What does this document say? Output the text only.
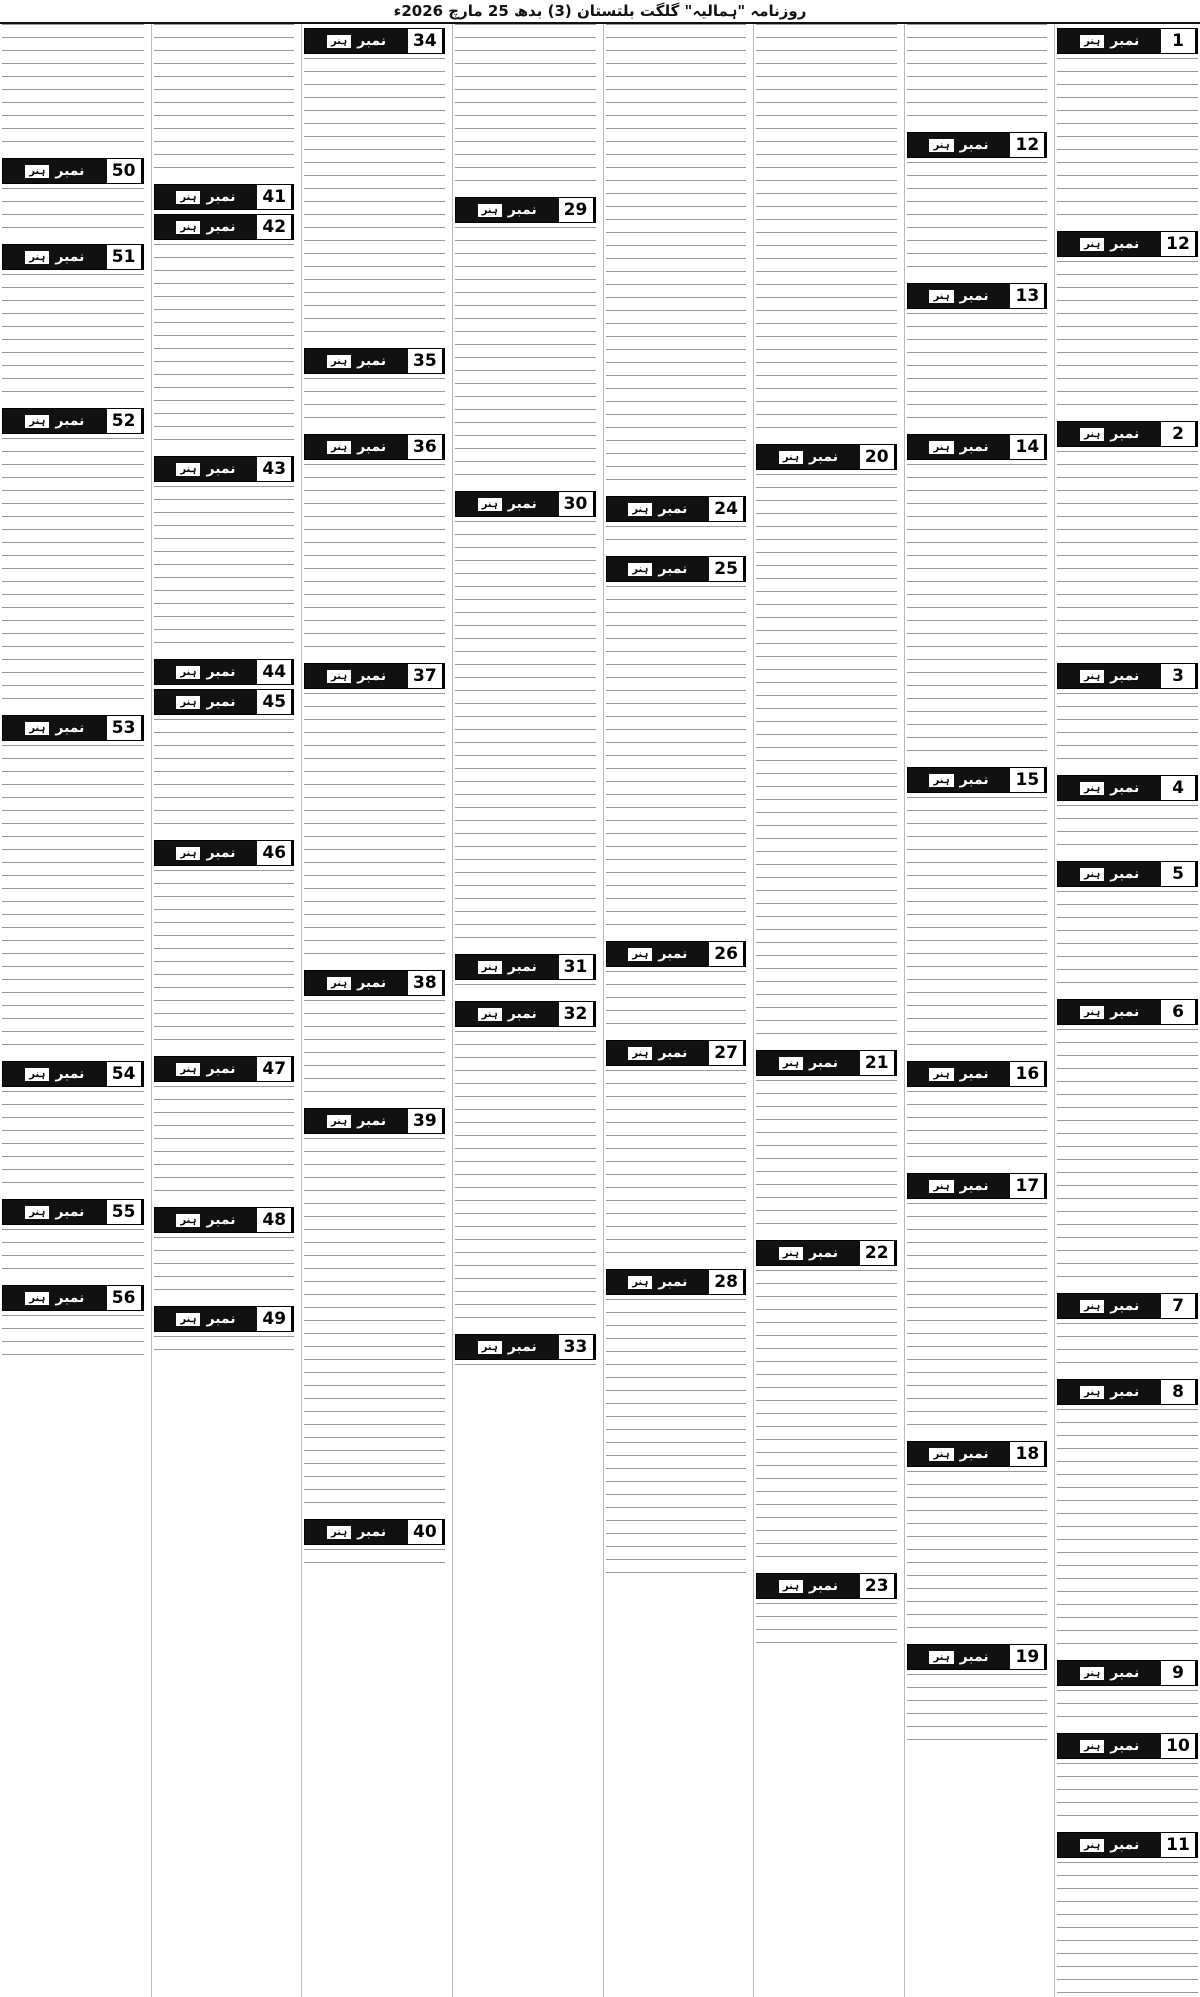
روزنامہ "ہمالیہ" گلگت بلتستان (3) بدھ 25 مارچ 2026ء
ہنر نمبر	1
ہنر نمبر	12
ہنر نمبر	2
ہنر نمبر	3
ہنر نمبر	4
ہنر نمبر	5
ہنر نمبر	6
ہنر نمبر	7
ہنر نمبر	8
ہنر نمبر	9
ہنر نمبر	10
ہنر نمبر	11
ہنر نمبر	12
ہنر نمبر	13
ہنر نمبر	14
ہنر نمبر	15
ہنر نمبر	16
ہنر نمبر	17
ہنر نمبر	18
ہنر نمبر	19
ہنر نمبر	20
ہنر نمبر	21
ہنر نمبر	22
ہنر نمبر	23
ہنر نمبر	24
ہنر نمبر	25
ہنر نمبر	26
ہنر نمبر	27
ہنر نمبر	28
ہنر نمبر	29
ہنر نمبر	30
ہنر نمبر	31
ہنر نمبر	32
ہنر نمبر	33
ہنر نمبر	34
ہنر نمبر	35
ہنر نمبر	36
ہنر نمبر	37
ہنر نمبر	38
ہنر نمبر	39
ہنر نمبر	40
ہنر نمبر	41
ہنر نمبر	42
ہنر نمبر	43
ہنر نمبر	44
ہنر نمبر	45
ہنر نمبر	46
ہنر نمبر	47
ہنر نمبر	48
ہنر نمبر	49
ہنر نمبر	50
ہنر نمبر	51
ہنر نمبر	52
ہنر نمبر	53
ہنر نمبر	54
ہنر نمبر	55
ہنر نمبر	56
